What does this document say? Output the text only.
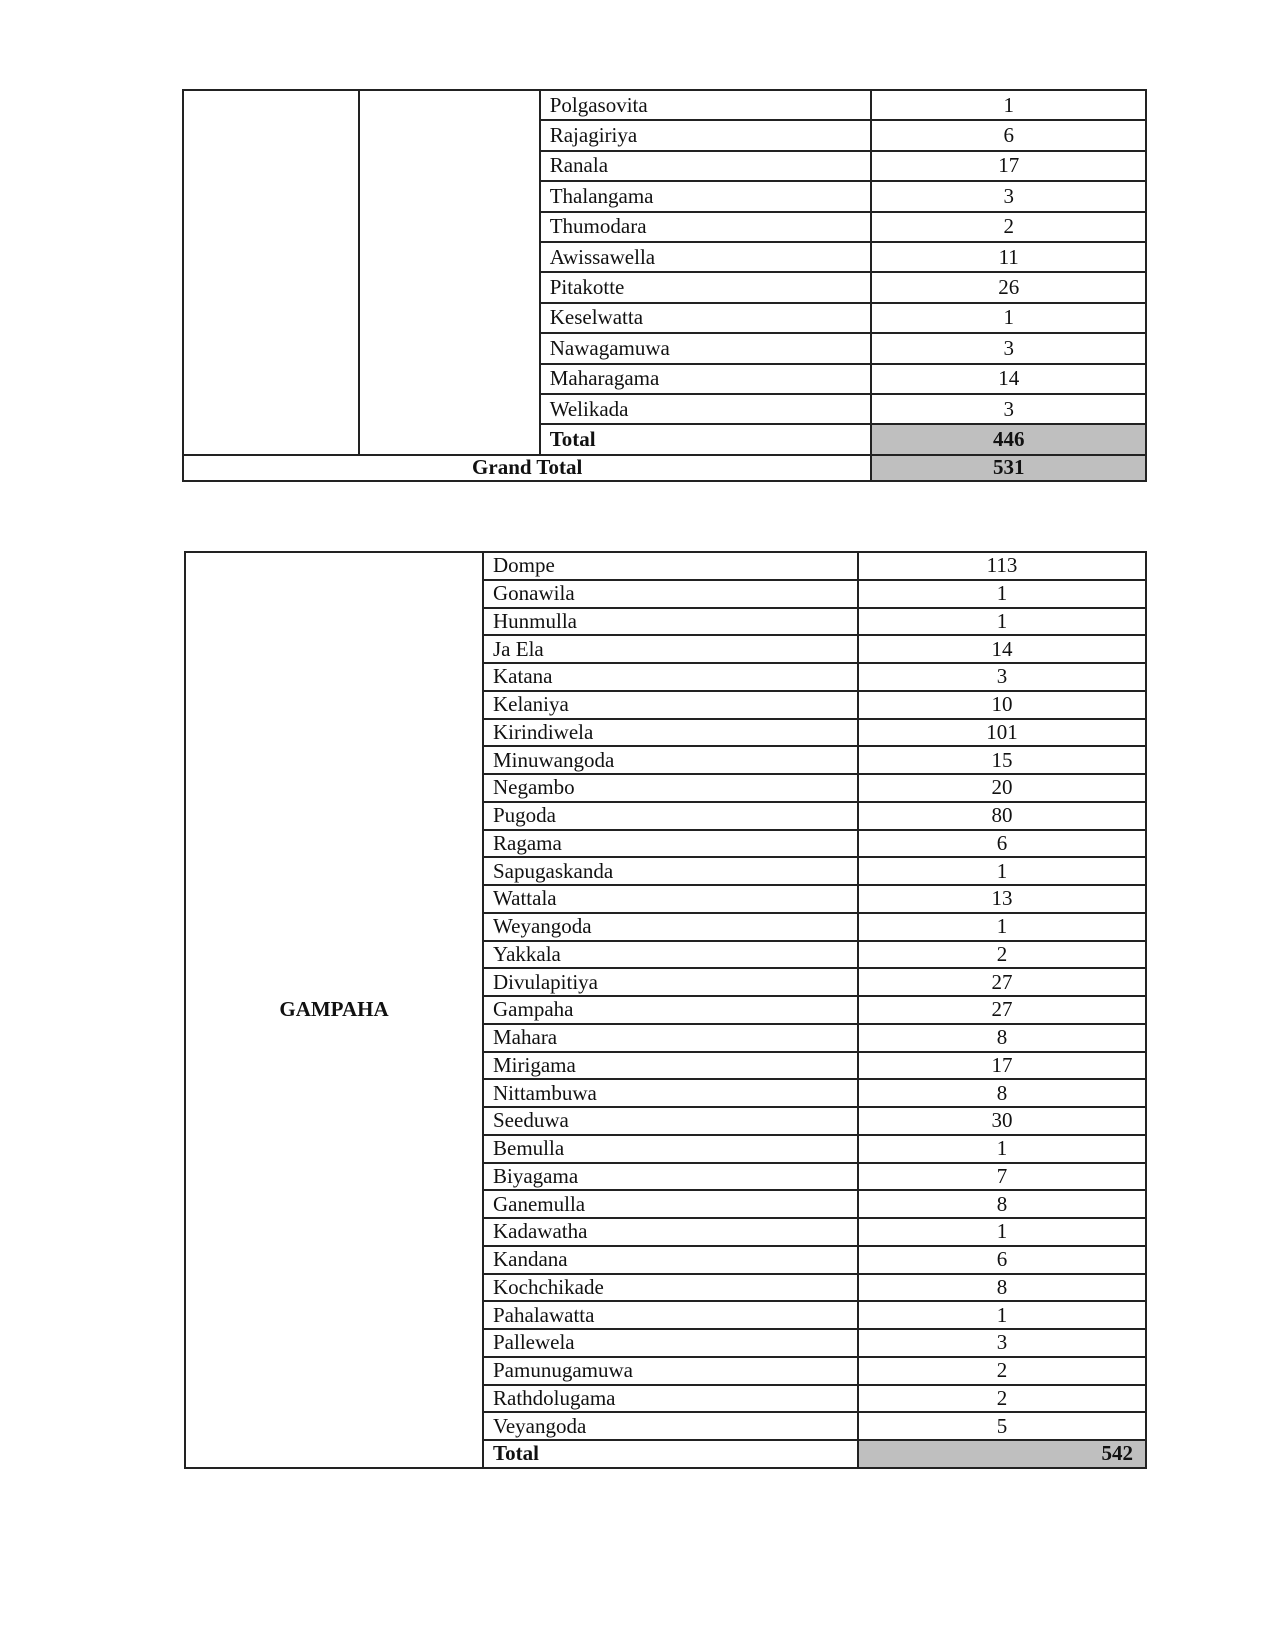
		Polgasovita	1
		Rajagiriya	6
		Ranala	17
		Thalangama	3
		Thumodara	2
		Awissawella	11
		Pitakotte	26
		Keselwatta	1
		Nawagamuwa	3
		Maharagama	14
		Welikada	3
		Total	446
Grand Total			531
GAMPAHA	Dompe	113
	Gonawila	1
	Hunmulla	1
	Ja Ela	14
	Katana	3
	Kelaniya	10
	Kirindiwela	101
	Minuwangoda	15
	Negambo	20
	Pugoda	80
	Ragama	6
	Sapugaskanda	1
	Wattala	13
	Weyangoda	1
	Yakkala	2
	Divulapitiya	27
	Gampaha	27
	Mahara	8
	Mirigama	17
	Nittambuwa	8
	Seeduwa	30
	Bemulla	1
	Biyagama	7
	Ganemulla	8
	Kadawatha	1
	Kandana	6
	Kochchikade	8
	Pahalawatta	1
	Pallewela	3
	Pamunugamuwa	2
	Rathdolugama	2
	Veyangoda	5
	Total	542
